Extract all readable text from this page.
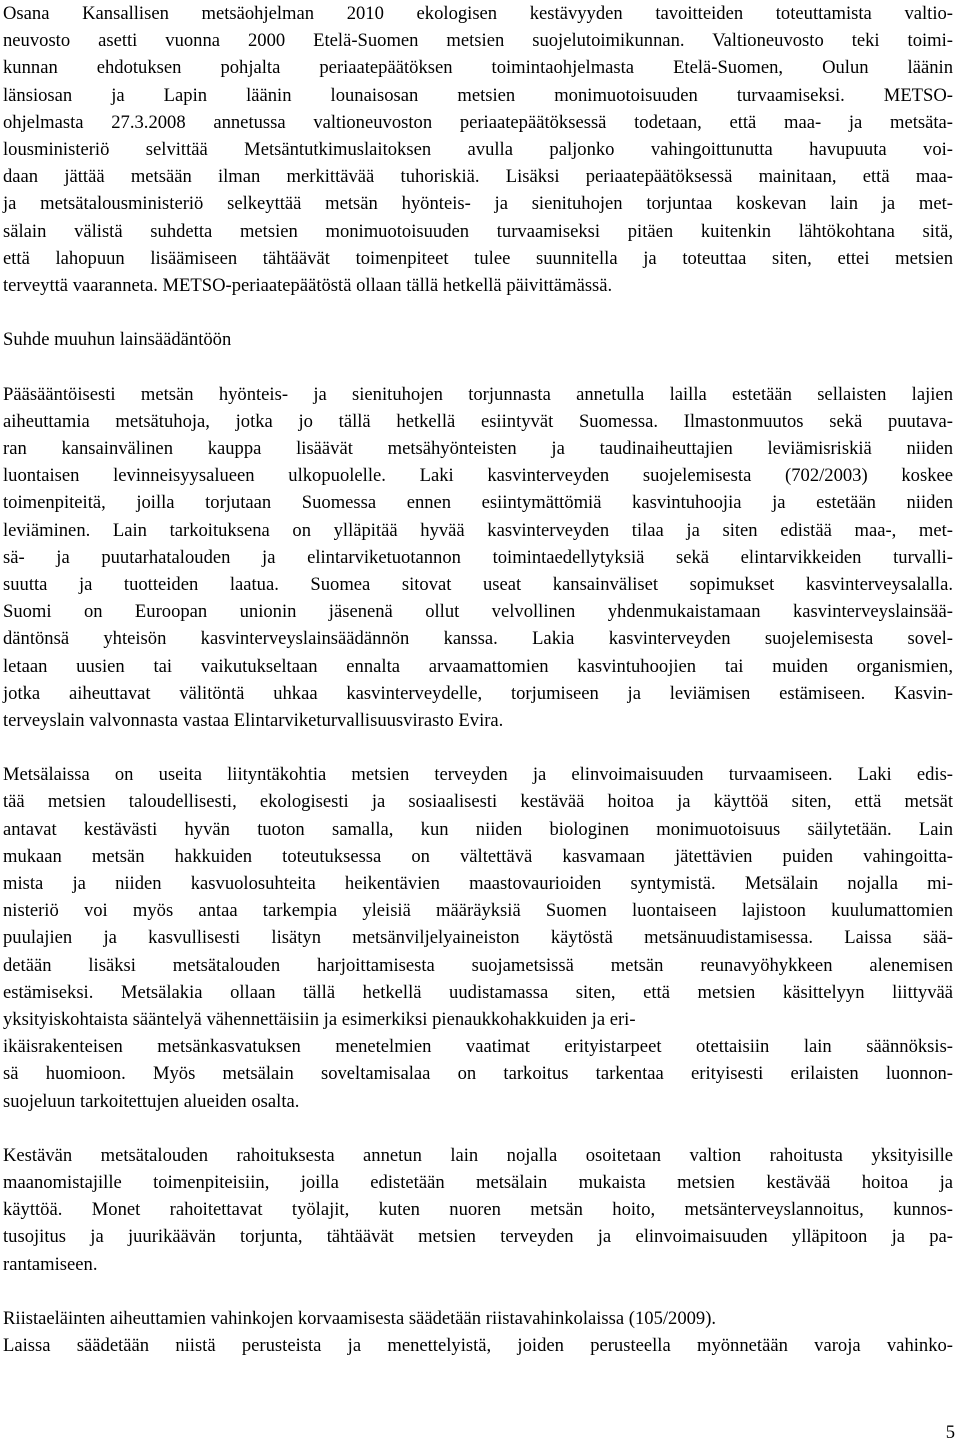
Osana Kansallisen metsäohjelman 2010 ekologisen kestävyyden tavoitteiden toteuttamista valtio-
neuvosto asetti vuonna 2000 Etelä-Suomen metsien suojelutoimikunnan. Valtioneuvosto teki toimi-
kunnan ehdotuksen pohjalta periaatepäätöksen toimintaohjelmasta Etelä-Suomen, Oulun läänin
länsiosan ja Lapin läänin lounaisosan metsien monimuotoisuuden turvaamiseksi. METSO-
ohjelmasta 27.3.2008 annetussa valtioneuvoston periaatepäätöksessä todetaan, että maa- ja metsäta-
lousministeriö selvittää Metsäntutkimuslaitoksen avulla paljonko vahingoittunutta havupuuta voi-
daan jättää metsään ilman merkittävää tuhoriskiä. Lisäksi periaatepäätöksessä mainitaan, että maa-
ja metsätalousministeriö selkeyttää metsän hyönteis- ja sienituhojen torjuntaa koskevan lain ja met-
sälain välistä suhdetta metsien monimuotoisuuden turvaamiseksi pitäen kuitenkin lähtökohtana sitä,
että lahopuun lisäämiseen tähtäävät toimenpiteet tulee suunnitella ja toteuttaa siten, ettei metsien
terveyttä vaaranneta. METSO-periaatepäätöstä ollaan tällä hetkellä päivittämässä.
Suhde muuhun lainsäädäntöön
Pääsääntöisesti metsän hyönteis- ja sienituhojen torjunnasta annetulla lailla estetään sellaisten lajien
aiheuttamia metsätuhoja, jotka jo tällä hetkellä esiintyvät Suomessa. Ilmastonmuutos sekä puutava-
ran kansainvälinen kauppa lisäävät metsähyönteisten ja taudinaiheuttajien leviämisriskiä niiden
luontaisen levinneisyysalueen ulkopuolelle. Laki kasvinterveyden suojelemisesta (702/2003) koskee
toimenpiteitä, joilla torjutaan Suomessa ennen esiintymättömiä kasvintuhoojia ja estetään niiden
leviäminen. Lain tarkoituksena on ylläpitää hyvää kasvinterveyden tilaa ja siten edistää maa-, met-
sä- ja puutarhatalouden ja elintarviketuotannon toimintaedellytyksiä sekä elintarvikkeiden turvalli-
suutta ja tuotteiden laatua. Suomea sitovat useat kansainväliset sopimukset kasvinterveysalalla.
Suomi on Euroopan unionin jäsenenä ollut velvollinen yhdenmukaistamaan kasvinterveyslainsää-
däntönsä yhteisön kasvinterveyslainsäädännön kanssa. Lakia kasvinterveyden suojelemisesta sovel-
letaan uusien tai vaikutukseltaan ennalta arvaamattomien kasvintuhoojien tai muiden organismien,
jotka aiheuttavat välitöntä uhkaa kasvinterveydelle, torjumiseen ja leviämisen estämiseen. Kasvin-
terveyslain valvonnasta vastaa Elintarviketurvallisuusvirasto Evira.
Metsälaissa on useita liityntäkohtia metsien terveyden ja elinvoimaisuuden turvaamiseen. Laki edis-
tää metsien taloudellisesti, ekologisesti ja sosiaalisesti kestävää hoitoa ja käyttöä siten, että metsät
antavat kestävästi hyvän tuoton samalla, kun niiden biologinen monimuotoisuus säilytetään. Lain
mukaan metsän hakkuiden toteutuksessa on vältettävä kasvamaan jätettävien puiden vahingoitta-
mista ja niiden kasvuolosuhteita heikentävien maastovaurioiden syntymistä. Metsälain nojalla mi-
nisteriö voi myös antaa tarkempia yleisiä määräyksiä Suomen luontaiseen lajistoon kuulumattomien
puulajien ja kasvullisesti lisätyn metsänviljelyaineiston käytöstä metsänuudistamisessa. Laissa sää-
detään lisäksi metsätalouden harjoittamisesta suojametsissä metsän reunavyöhykkeen alenemisen
estämiseksi. Metsälakia ollaan tällä hetkellä uudistamassa siten, että metsien käsittelyyn liittyvää
yksityiskohtaista sääntelyä vähennettäisiin ja esimerkiksi pienaukkohakkuiden ja eri-
ikäisrakenteisen metsänkasvatuksen menetelmien vaatimat erityistarpeet otettaisiin lain säännöksis-
sä huomioon. Myös metsälain soveltamisalaa on tarkoitus tarkentaa erityisesti erilaisten luonnon-
suojeluun tarkoitettujen alueiden osalta.
Kestävän metsätalouden rahoituksesta annetun lain nojalla osoitetaan valtion rahoitusta yksityisille
maanomistajille toimenpiteisiin, joilla edistetään metsälain mukaista metsien kestävää hoitoa ja
käyttöä. Monet rahoitettavat työlajit, kuten nuoren metsän hoito, metsänterveyslannoitus, kunnos-
tusojitus ja juurikäävän torjunta, tähtäävät metsien terveyden ja elinvoimaisuuden ylläpitoon ja pa-
rantamiseen.
Riistaeläinten aiheuttamien vahinkojen korvaamisesta säädetään riistavahinkolaissa (105/2009).
Laissa säädetään niistä perusteista ja menettelyistä, joiden perusteella myönnetään varoja vahinko-
5
